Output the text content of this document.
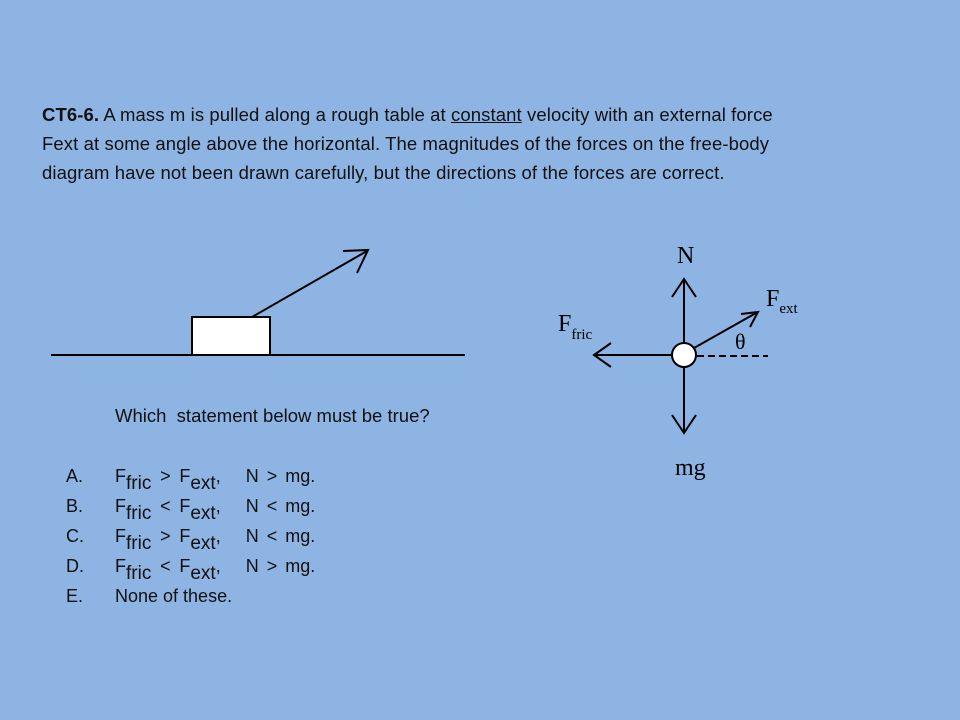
CT6-6. A mass m is pulled along a rough table at constant velocity with an external force Fext at some angle above the horizontal. The magnitudes of the forces on the free-body diagram have not been drawn carefully, but the directions of the forces are correct.
N
mg
$F_{ext}$
$F_{fric}$	θ
Which  statement below must be true?
A.	Ffric > Fext, N > mg.
B.	Ffric < Fext, N < mg.
C.	Ffric > Fext, N < mg.
D.	Ffric < Fext, N > mg.
E.	None of these.
